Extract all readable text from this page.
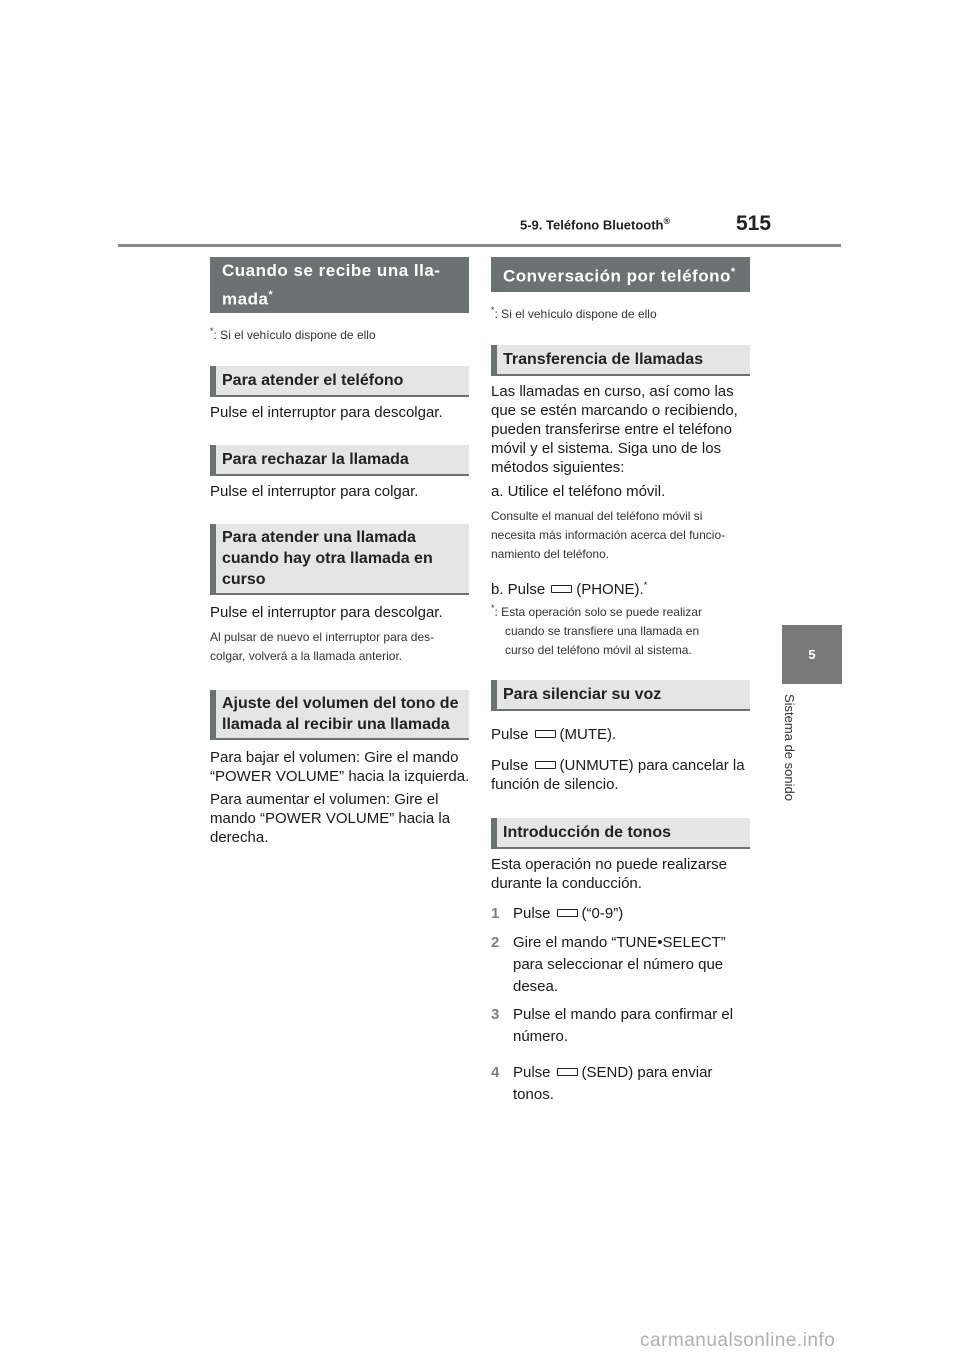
5-9. Teléfono Bluetooth®	515
5
Sistema de sonido
Cuando se recibe una lla-
mada*
*: Si el vehículo dispone de ello
Para atender el teléfono
Pulse el interruptor para descolgar.
Para rechazar la llamada
Pulse el interruptor para colgar.
Para atender una llamada
cuando hay otra llamada en
curso
Pulse el interruptor para descolgar.
Al pulsar de nuevo el interruptor para des-
colgar, volverá a la llamada anterior.
Ajuste del volumen del tono de
llamada al recibir una llamada
Para bajar el volumen: Gire el mando
“POWER VOLUME” hacia la izquierda.
Para aumentar el volumen: Gire el
mando “POWER VOLUME” hacia la
derecha.
Conversación por teléfono*
*: Si el vehículo dispone de ello
Transferencia de llamadas
Las llamadas en curso, así como las
que se estén marcando o recibiendo,
pueden transferirse entre el teléfono
móvil y el sistema. Siga uno de los
métodos siguientes:
a. Utilice el teléfono móvil.
Consulte el manual del teléfono móvil si
necesita más información acerca del funcio-
namiento del teléfono.
b. Pulse (PHONE).*
*: Esta operación solo se puede realizar
cuando se transfiere una llamada en
curso del teléfono móvil al sistema.
Para silenciar su voz
Pulse (MUTE).
Pulse (UNMUTE) para cancelar la
función de silencio.
Introducción de tonos
Esta operación no puede realizarse
durante la conducción.
1 Pulse (“0-9”)
2 Gire el mando “TUNE•SELECT”
para seleccionar el número que
desea.
3 Pulse el mando para confirmar el
número.
4 Pulse (SEND) para enviar
tonos.
carmanualsonline.info
